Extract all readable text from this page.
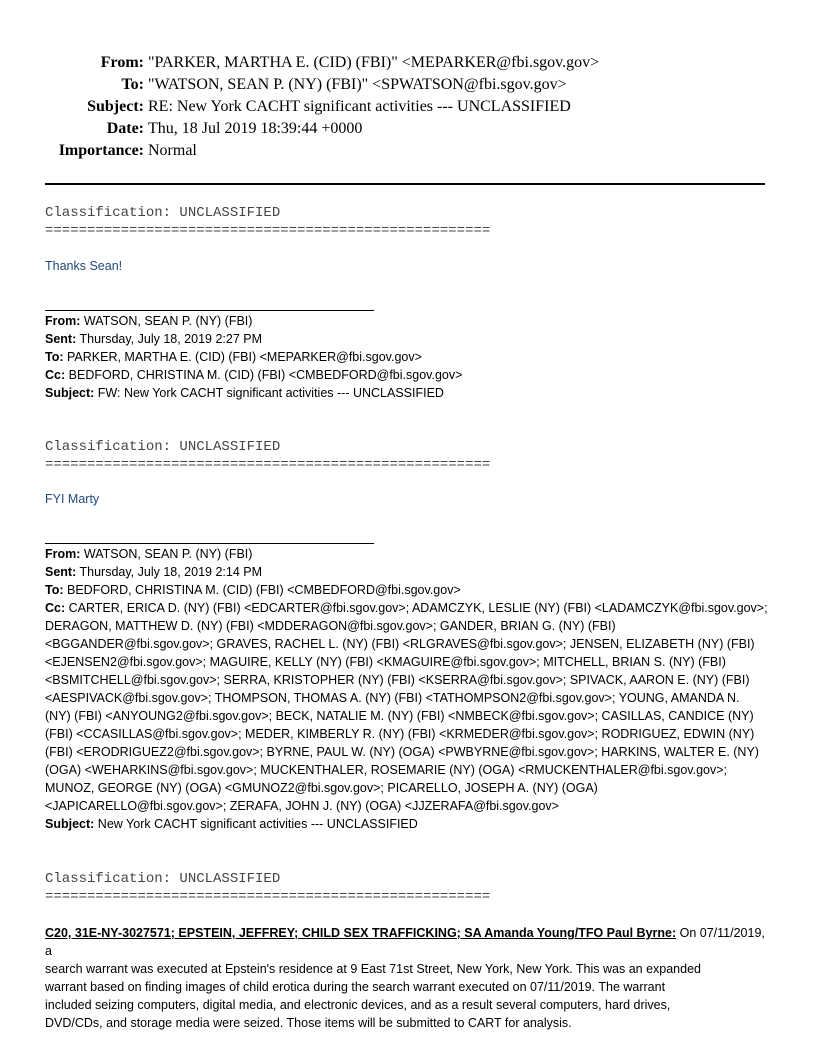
From: "PARKER, MARTHA E. (CID) (FBI)" <MEPARKER@fbi.sgov.gov>
To: "WATSON, SEAN P. (NY) (FBI)" <SPWATSON@fbi.sgov.gov>
Subject: RE: New York CACHT significant activities --- UNCLASSIFIED
Date: Thu, 18 Jul 2019 18:39:44 +0000
Importance: Normal
Classification: UNCLASSIFIED
=====================================================
Thanks Sean!
From: WATSON, SEAN P. (NY) (FBI)
Sent: Thursday, July 18, 2019 2:27 PM
To: PARKER, MARTHA E. (CID) (FBI) <MEPARKER@fbi.sgov.gov>
Cc: BEDFORD, CHRISTINA M. (CID) (FBI) <CMBEDFORD@fbi.sgov.gov>
Subject: FW: New York CACHT significant activities --- UNCLASSIFIED
Classification: UNCLASSIFIED
=====================================================
FYI Marty
From: WATSON, SEAN P. (NY) (FBI)
Sent: Thursday, July 18, 2019 2:14 PM
To: BEDFORD, CHRISTINA M. (CID) (FBI) <CMBEDFORD@fbi.sgov.gov>
Cc: CARTER, ERICA D. (NY) (FBI) <EDCARTER@fbi.sgov.gov>; ADAMCZYK, LESLIE (NY) (FBI) <LADAMCZYK@fbi.sgov.gov>;
DERAGON, MATTHEW D. (NY) (FBI) <MDDERAGON@fbi.sgov.gov>; GANDER, BRIAN G. (NY) (FBI)
<BGGANDER@fbi.sgov.gov>; GRAVES, RACHEL L. (NY) (FBI) <RLGRAVES@fbi.sgov.gov>; JENSEN, ELIZABETH (NY) (FBI)
<EJENSEN2@fbi.sgov.gov>; MAGUIRE, KELLY (NY) (FBI) <KMAGUIRE@fbi.sgov.gov>; MITCHELL, BRIAN S. (NY) (FBI)
<BSMITCHELL@fbi.sgov.gov>; SERRA, KRISTOPHER (NY) (FBI) <KSERRA@fbi.sgov.gov>; SPIVACK, AARON E. (NY) (FBI)
<AESPIVACK@fbi.sgov.gov>; THOMPSON, THOMAS A. (NY) (FBI) <TATHOMPSON2@fbi.sgov.gov>; YOUNG, AMANDA N.
(NY) (FBI) <ANYOUNG2@fbi.sgov.gov>; BECK, NATALIE M. (NY) (FBI) <NMBECK@fbi.sgov.gov>; CASILLAS, CANDICE (NY)
(FBI) <CCASILLAS@fbi.sgov.gov>; MEDER, KIMBERLY R. (NY) (FBI) <KRMEDER@fbi.sgov.gov>; RODRIGUEZ, EDWIN (NY)
(FBI) <ERODRIGUEZ2@fbi.sgov.gov>; BYRNE, PAUL W. (NY) (OGA) <PWBYRNE@fbi.sgov.gov>; HARKINS, WALTER E. (NY)
(OGA) <WEHARKINS@fbi.sgov.gov>; MUCKENTHALER, ROSEMARIE (NY) (OGA) <RMUCKENTHALER@fbi.sgov.gov>;
MUNOZ, GEORGE (NY) (OGA) <GMUNOZ2@fbi.sgov.gov>; PICARELLO, JOSEPH A. (NY) (OGA)
<JAPICARELLO@fbi.sgov.gov>; ZERAFA, JOHN J. (NY) (OGA) <JJZERAFA@fbi.sgov.gov>
Subject: New York CACHT significant activities --- UNCLASSIFIED
Classification: UNCLASSIFIED
=====================================================
C20, 31E-NY-3027571; EPSTEIN, JEFFREY; CHILD SEX TRAFFICKING; SA Amanda Young/TFO Paul Byrne: On 07/11/2019, a
search warrant was executed at Epstein's residence at 9 East 71st Street, New York, New York. This was an expanded
warrant based on finding images of child erotica during the search warrant executed on 07/11/2019. The warrant
included seizing computers, digital media, and electronic devices, and as a result several computers, hard drives,
DVD/CDs, and storage media were seized. Those items will be submitted to CART for analysis.
